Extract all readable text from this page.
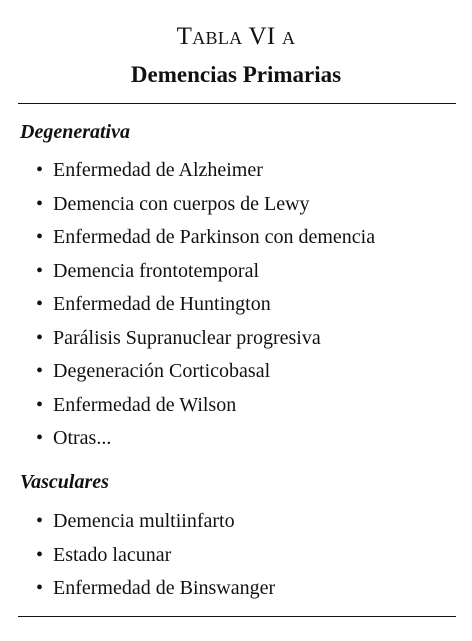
Tabla VI a
Demencias Primarias
Degenerativa
• Enfermedad de Alzheimer
• Demencia con cuerpos de Lewy
• Enfermedad de Parkinson con demencia
• Demencia frontotemporal
• Enfermedad de Huntington
• Parálisis Supranuclear progresiva
• Degeneración Corticobasal
• Enfermedad de Wilson
• Otras...
Vasculares
• Demencia multiinfarto
• Estado lacunar
• Enfermedad de Binswanger
